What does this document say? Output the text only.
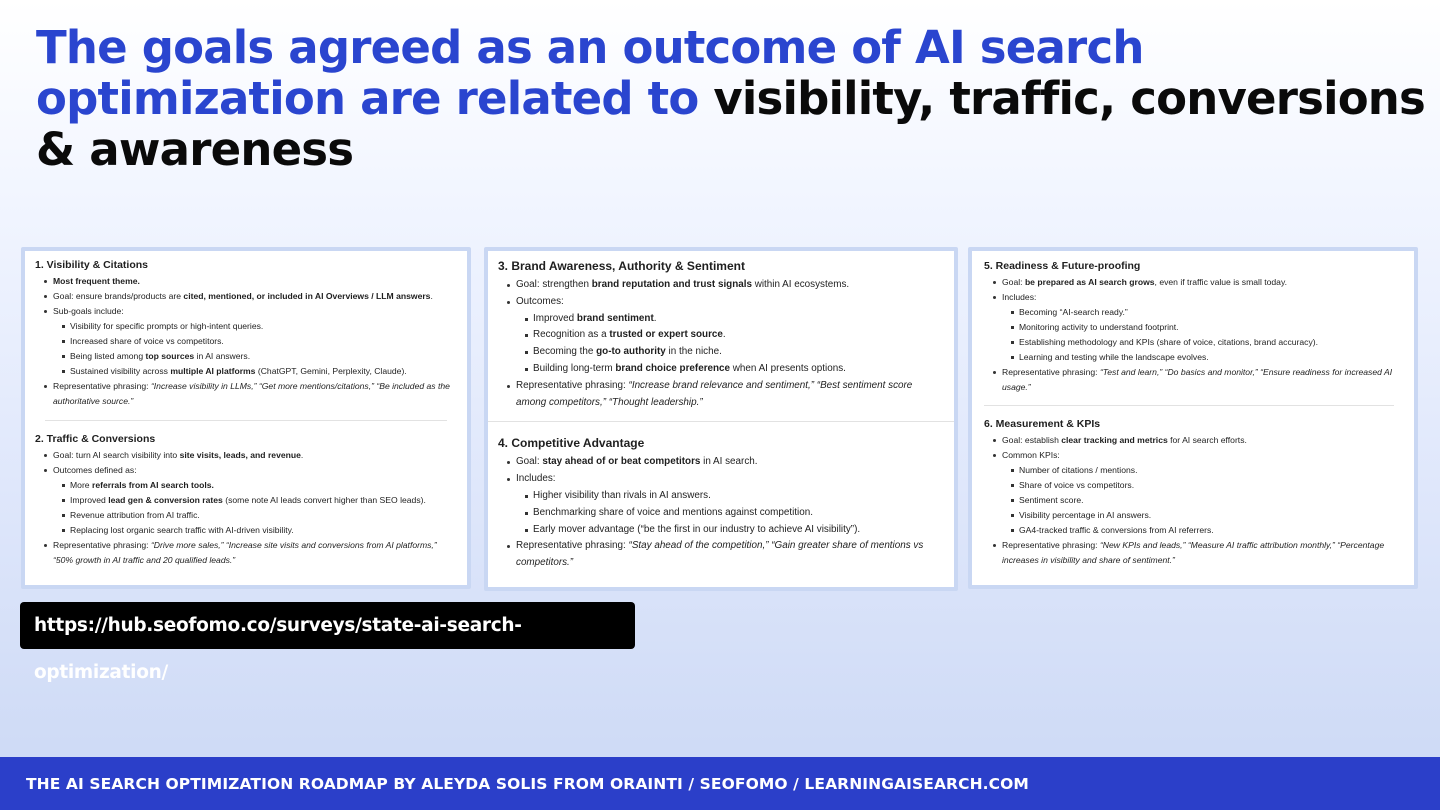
The goals agreed as an outcome of AI search optimization are related to visibility, traffic, conversions & awareness
1. Visibility & Citations
Most frequent theme.
Goal: ensure brands/products are cited, mentioned, or included in AI Overviews / LLM answers.
Sub-goals include:
Visibility for specific prompts or high-intent queries.
Increased share of voice vs competitors.
Being listed among top sources in AI answers.
Sustained visibility across multiple AI platforms (ChatGPT, Gemini, Perplexity, Claude).
Representative phrasing: “Increase visibility in LLMs,” “Get more mentions/citations,” “Be included as the authoritative source.”
2. Traffic & Conversions
Goal: turn AI search visibility into site visits, leads, and revenue.
Outcomes defined as:
More referrals from AI search tools.
Improved lead gen & conversion rates (some note AI leads convert higher than SEO leads).
Revenue attribution from AI traffic.
Replacing lost organic search traffic with AI-driven visibility.
Representative phrasing: “Drive more sales,” “Increase site visits and conversions from AI platforms,” “50% growth in AI traffic and 20 qualified leads.”
3. Brand Awareness, Authority & Sentiment
Goal: strengthen brand reputation and trust signals within AI ecosystems.
Outcomes:
Improved brand sentiment.
Recognition as a trusted or expert source.
Becoming the go-to authority in the niche.
Building long-term brand choice preference when AI presents options.
Representative phrasing: “Increase brand relevance and sentiment,” “Best sentiment score among competitors,” “Thought leadership.”
4. Competitive Advantage
Goal: stay ahead of or beat competitors in AI search.
Includes:
Higher visibility than rivals in AI answers.
Benchmarking share of voice and mentions against competition.
Early mover advantage (“be the first in our industry to achieve AI visibility”).
Representative phrasing: “Stay ahead of the competition,” “Gain greater share of mentions vs competitors.”
5. Readiness & Future-proofing
Goal: be prepared as AI search grows, even if traffic value is small today.
Includes:
Becoming “AI-search ready.”
Monitoring activity to understand footprint.
Establishing methodology and KPIs (share of voice, citations, brand accuracy).
Learning and testing while the landscape evolves.
Representative phrasing: “Test and learn,” “Do basics and monitor,” “Ensure readiness for increased AI usage.”
6. Measurement & KPIs
Goal: establish clear tracking and metrics for AI search efforts.
Common KPIs:
Number of citations / mentions.
Share of voice vs competitors.
Sentiment score.
Visibility percentage in AI answers.
GA4-tracked traffic & conversions from AI referrers.
Representative phrasing: “New KPIs and leads,” “Measure AI traffic attribution monthly,” “Percentage increases in visibility and share of sentiment.”
https://hub.seofomo.co/surveys/state-ai-search-optimization/
THE AI SEARCH OPTIMIZATION ROADMAP BY ALEYDA SOLIS FROM ORAINTI / SEOFOMO / LEARNINGAISEARCH.COM
